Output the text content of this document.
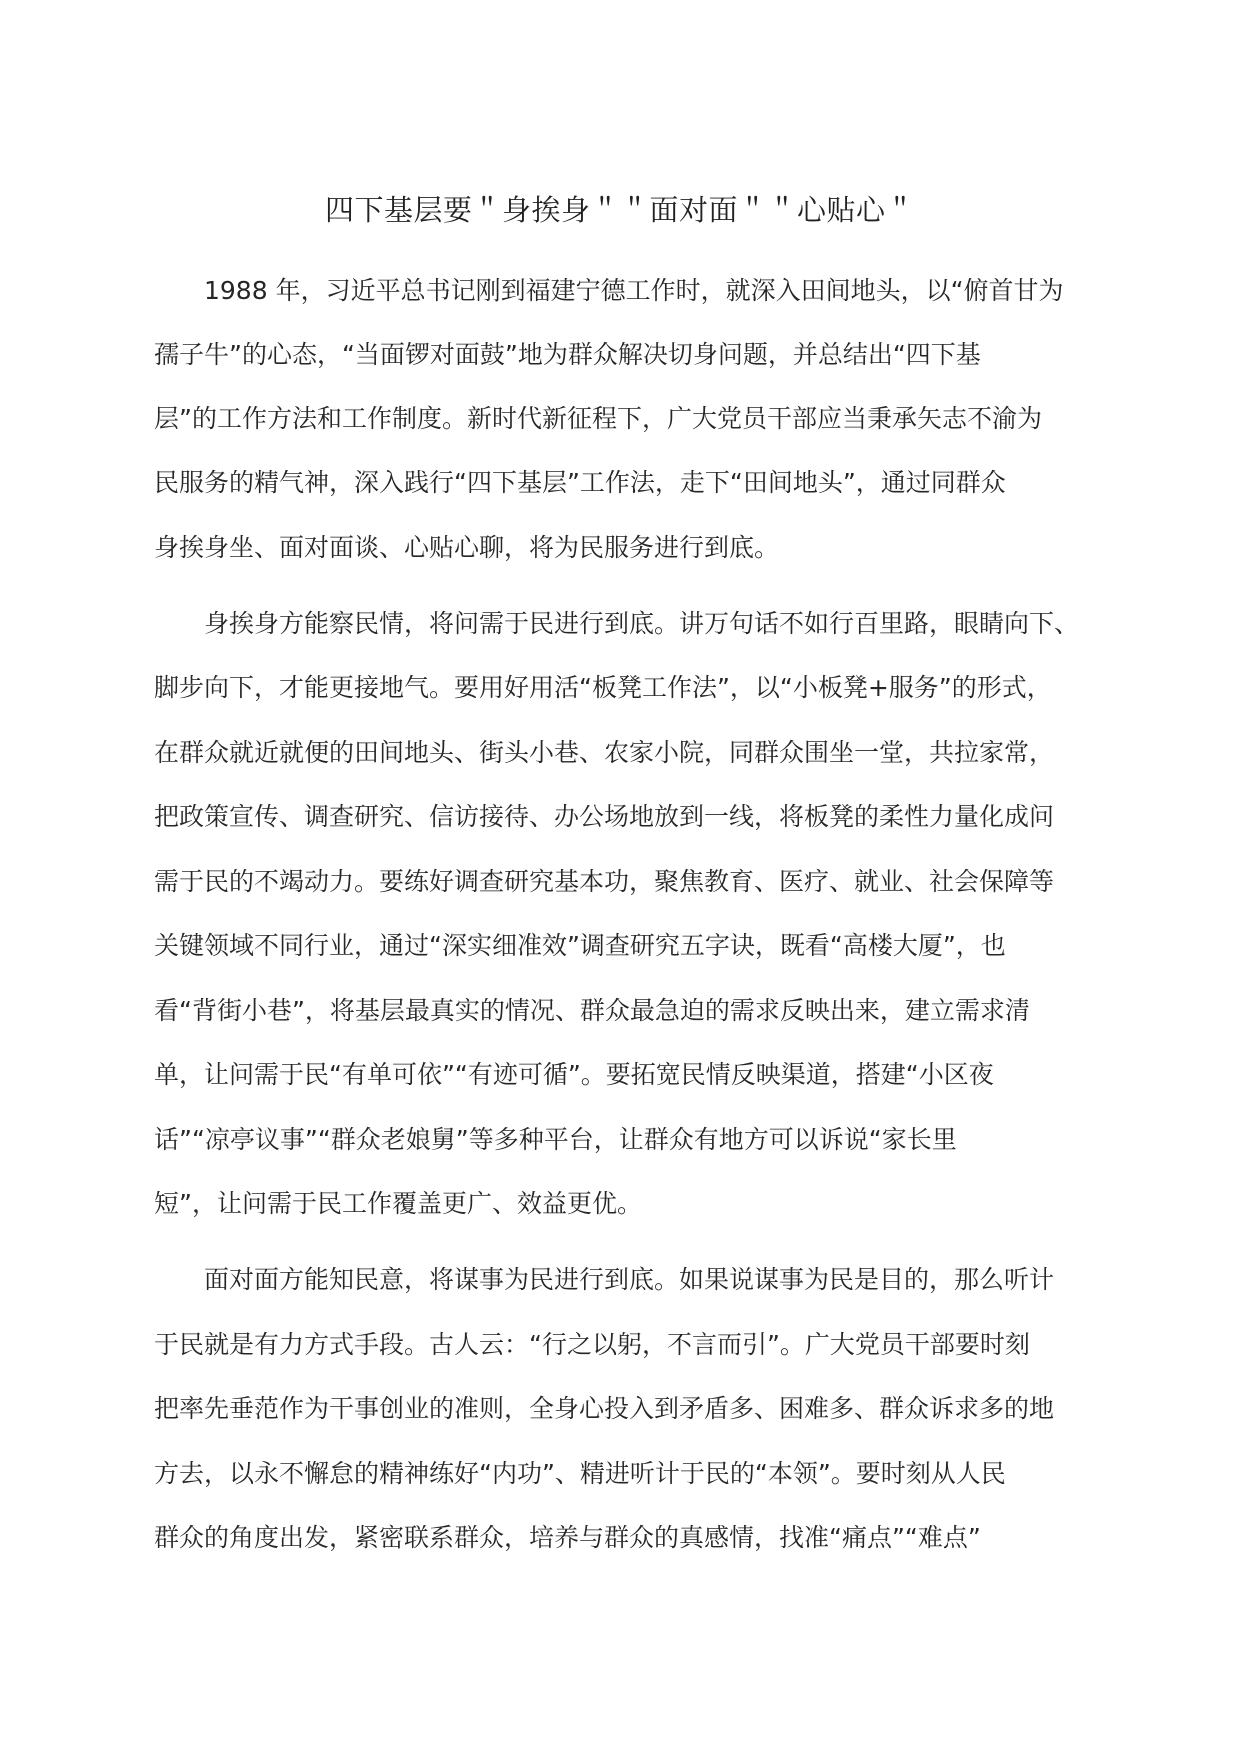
四下基层要＂身挨身＂＂面对面＂＂心贴心＂
1988 年，习近平总书记刚到福建宁德工作时，就深入田间地头，以“俯首甘为
孺子牛”的心态，“当面锣对面鼓”地为群众解决切身问题，并总结出“四下基
层”的工作方法和工作制度。新时代新征程下，广大党员干部应当秉承矢志不渝为
民服务的精气神，深入践行“四下基层”工作法，走下“田间地头”，通过同群众
身挨身坐、面对面谈、心贴心聊，将为民服务进行到底。
身挨身方能察民情，将问需于民进行到底。讲万句话不如行百里路，眼睛向下、
脚步向下，才能更接地气。要用好用活“板凳工作法”，以“小板凳+服务”的形式，
在群众就近就便的田间地头、街头小巷、农家小院，同群众围坐一堂，共拉家常，
把政策宣传、调查研究、信访接待、办公场地放到一线，将板凳的柔性力量化成问
需于民的不竭动力。要练好调查研究基本功，聚焦教育、医疗、就业、社会保障等
关键领域不同行业，通过“深实细准效”调查研究五字诀，既看“高楼大厦”，也
看“背街小巷”，将基层最真实的情况、群众最急迫的需求反映出来，建立需求清
单，让问需于民“有单可依”“有迹可循”。要拓宽民情反映渠道，搭建“小区夜
话”“凉亭议事”“群众老娘舅”等多种平台，让群众有地方可以诉说“家长里
短”，让问需于民工作覆盖更广、效益更优。
面对面方能知民意，将谋事为民进行到底。如果说谋事为民是目的，那么听计
于民就是有力方式手段。古人云：“行之以躬，不言而引”。广大党员干部要时刻
把率先垂范作为干事创业的准则，全身心投入到矛盾多、困难多、群众诉求多的地
方去，以永不懈怠的精神练好“内功”、精进听计于民的“本领”。要时刻从人民
群众的角度出发，紧密联系群众，培养与群众的真感情，找准“痛点”“难点”
